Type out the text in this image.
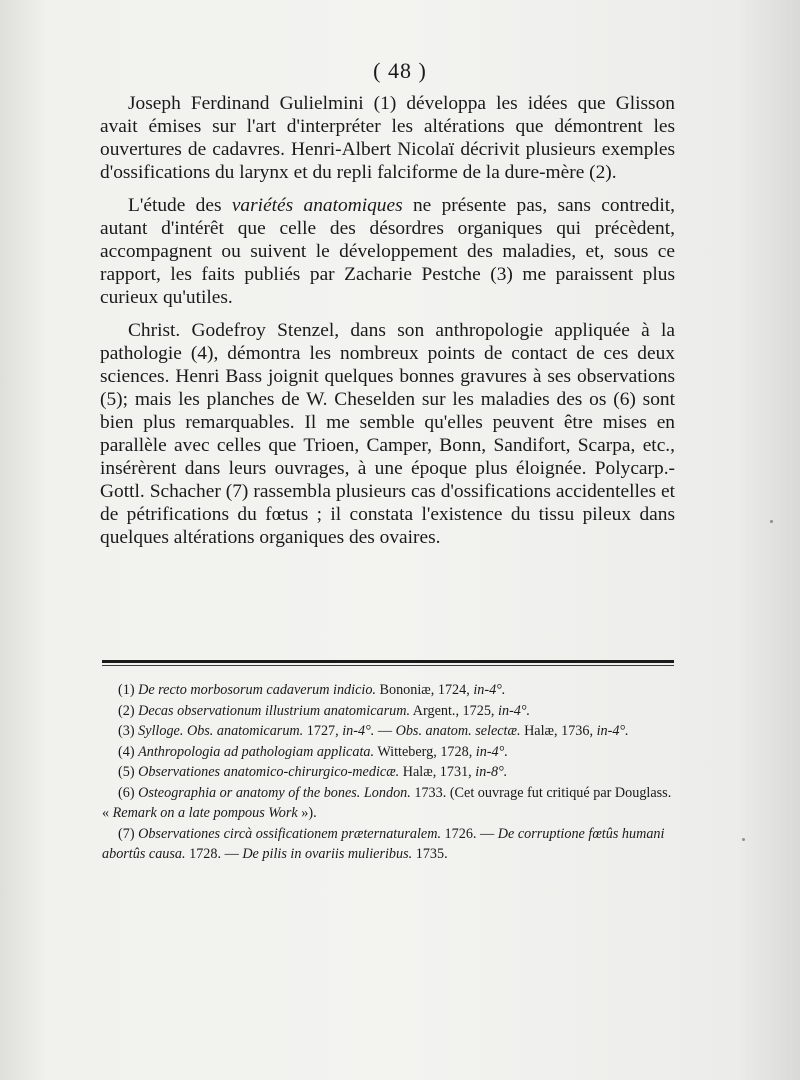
( 48 )

Joseph Ferdinand Gulielmini (1) développa les idées que Glisson avait émises sur l'art d'interpréter les altérations que démontrent les ouvertures de cadavres. Henri-Albert Nicolaï décrivit plusieurs exemples d'ossifications du larynx et du repli falciforme de la dure-mère (2).

L'étude des variétés anatomiques ne présente pas, sans contredit, autant d'intérêt que celle des désordres organiques qui précèdent, accompagnent ou suivent le développement des maladies, et, sous ce rapport, les faits publiés par Zacharie Pestche (3) me paraissent plus curieux qu'utiles.

Christ. Godefroy Stenzel, dans son anthropologie appliquée à la pathologie (4), démontra les nombreux points de contact de ces deux sciences. Henri Bass joignit quelques bonnes gravures à ses observations (5); mais les planches de W. Cheselden sur les maladies des os (6) sont bien plus remarquables. Il me semble qu'elles peuvent être mises en parallèle avec celles que Trioen, Camper, Bonn, Sandifort, Scarpa, etc., insérèrent dans leurs ouvrages, à une époque plus éloignée. Polycarp.-Gottl. Schacher (7) rassembla plusieurs cas d'ossifications accidentelles et de pétrifications du fœtus ; il constata l'existence du tissu pileux dans quelques altérations organiques des ovaires.

(1) De recto morbosorum cadaverum indicio. Bononiæ, 1724, in-4°.
(2) Decas observationum illustrium anatomicarum. Argent., 1725, in-4°.
(3) Sylloge. Obs. anatomicarum. 1727, in-4°. — Obs. anatom. selectæ. Halæ, 1736, in-4°.
(4) Anthropologia ad pathologiam applicata. Witteberg, 1728, in-4°.
(5) Observationes anatomico-chirurgico-medicæ. Halæ, 1731, in-8°.
(6) Osteographia or anatomy of the bones. London. 1733. (Cet ouvrage fut critiqué par Douglass. « Remark on a late pompous Work »).
(7) Observationes circà ossificationem præternaturalem. 1726. — De corruptione fœtûs humani abortûs causa. 1728. — De pilis in ovariis mulieribus. 1735.
